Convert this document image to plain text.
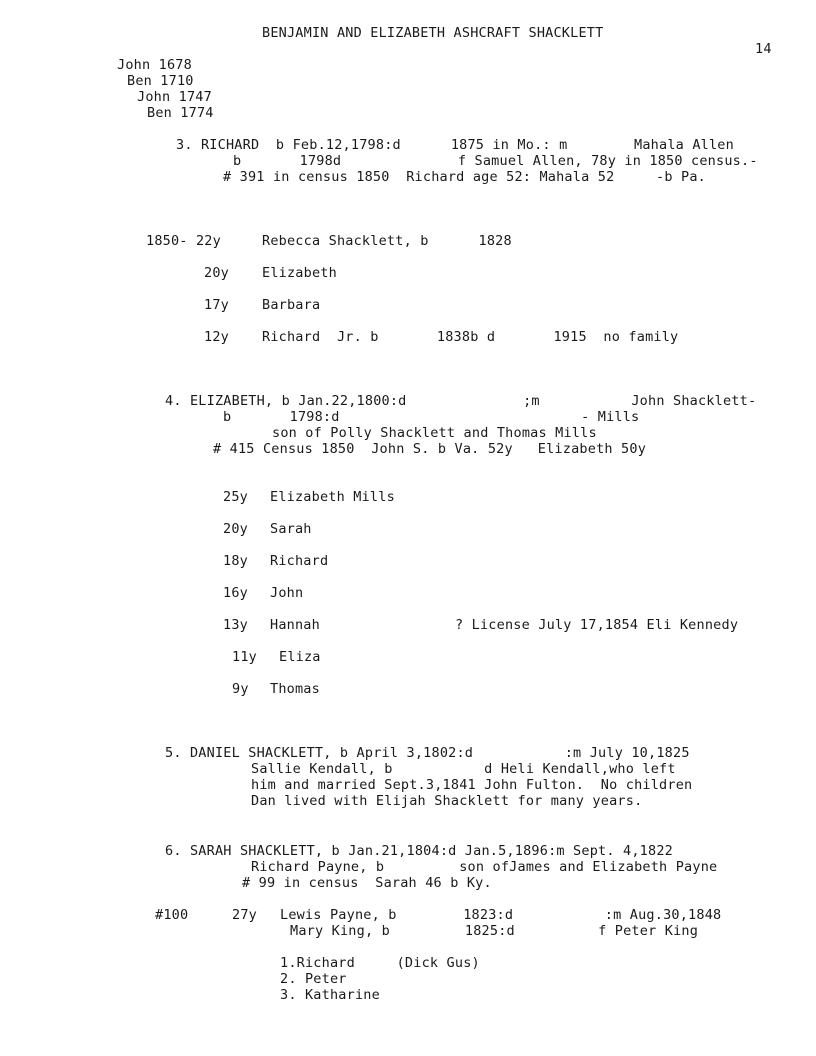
BENJAMIN AND ELIZABETH ASHCRAFT SHACKLETT
14
John 1678
Ben 1710
John 1747
Ben 1774
3. RICHARD  b Feb.12,1798:d      1875 in Mo.: m        Mahala Allen
b       1798d              f Samuel Allen, 78y in 1850 census.-
# 391 in census 1850  Richard age 52: Mahala 52     -b Pa.
1850- 22y	Rebecca Shacklett, b      1828
20y Elizabeth
17y Barbara
12y Richard  Jr. b       1838b d       1915  no family
4. ELIZABETH, b Jan.22,1800:d              ;m           John Shacklett-
b       1798:d                             - Mills
son of Polly Shacklett and Thomas Mills
# 415 Census 1850  John S. b Va. 52y   Elizabeth 50y
25y Elizabeth Mills
20y Sarah
18y Richard
16y John
13y Hannah	? License July 17,1854 Eli Kennedy
11y Eliza
9y Thomas
5. DANIEL SHACKLETT, b April 3,1802:d           :m July 10,1825
Sallie Kendall, b           d Heli Kendall,who left
him and married Sept.3,1841 John Fulton.  No children
Dan lived with Elijah Shacklett for many years.
6. SARAH SHACKLETT, b Jan.21,1804:d Jan.5,1896:m Sept. 4,1822
Richard Payne, b         son ofJames and Elizabeth Payne
# 99 in census  Sarah 46 b Ky.
#100	27y Lewis Payne, b        1823:d           :m Aug.30,1848
Mary King, b         1825:d          f Peter King
1.Richard     (Dick Gus)
2. Peter
3. Katharine
